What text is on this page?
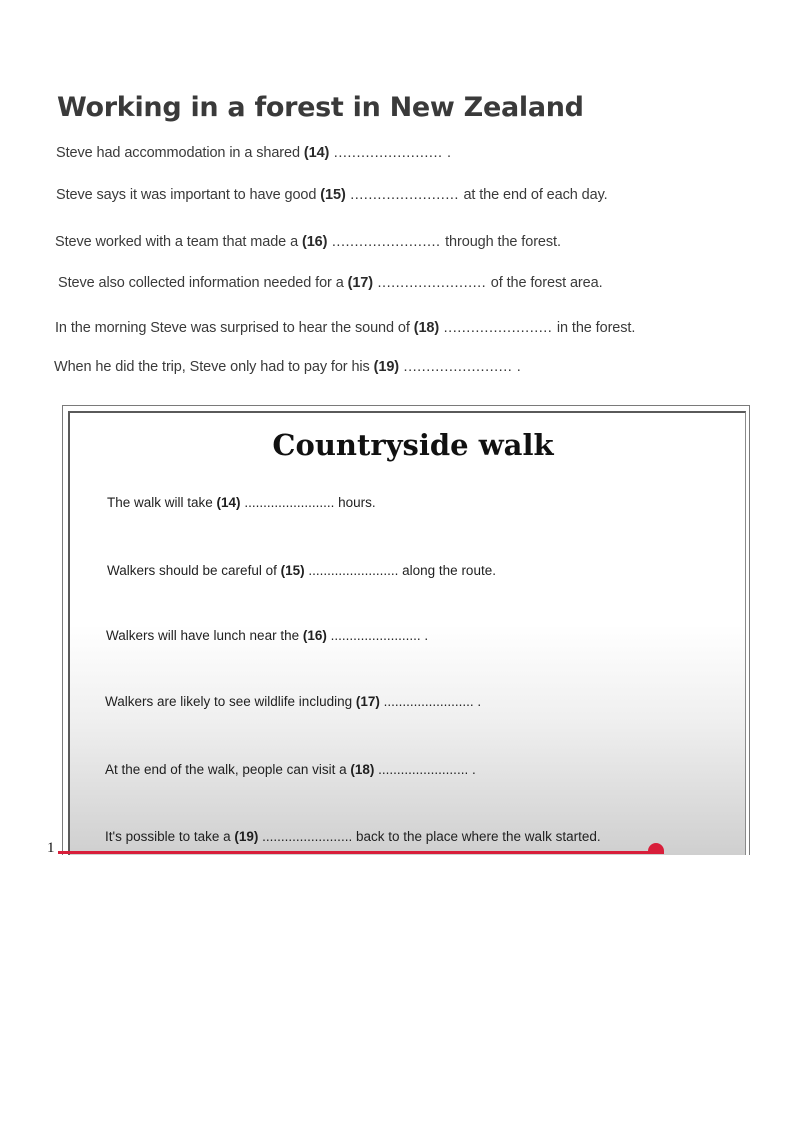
Working in a forest in New Zealand
Steve had accommodation in a shared (14) ........................ .
Steve says it was important to have good (15) ........................ at the end of each day.
Steve worked with a team that made a (16) ........................ through the forest.
Steve also collected information needed for a (17) ........................ of the forest area.
In the morning Steve was surprised to hear the sound of (18) ........................ in the forest.
When he did the trip, Steve only had to pay for his (19) ........................ .
Countryside walk
The walk will take (14) ........................ hours.
Walkers should be careful of (15) ........................ along the route.
Walkers will have lunch near the (16) ........................ .
Walkers are likely to see wildlife including (17) ........................ .
At the end of the walk, people can visit a (18) ........................ .
It's possible to take a (19) ........................ back to the place where the walk started.
1
